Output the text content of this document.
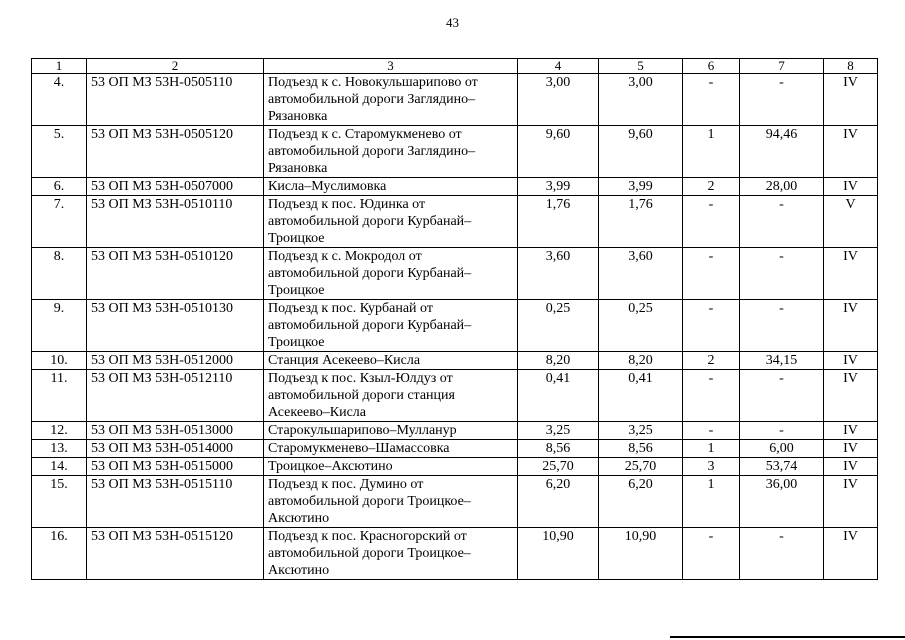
43
1	2	3	4	5	6	7	8
4.	53 ОП МЗ 53Н-0505110	Подъезд к с. Новокульшарипово от автомобильной дороги Заглядино–Рязановка	3,00	3,00	-	-	IV
5.	53 ОП МЗ 53Н-0505120	Подъезд к с. Старомукменево от автомобильной дороги Заглядино–Рязановка	9,60	9,60	1	94,46	IV
6.	53 ОП МЗ 53Н-0507000	Кисла–Муслимовка	3,99	3,99	2	28,00	IV
7.	53 ОП МЗ 53Н-0510110	Подъезд к пос. Юдинка от автомобильной дороги Курбанай–Троицкое	1,76	1,76	-	-	V
8.	53 ОП МЗ 53Н-0510120	Подъезд к с. Мокродол от автомобильной дороги Курбанай–Троицкое	3,60	3,60	-	-	IV
9.	53 ОП МЗ 53Н-0510130	Подъезд к пос. Курбанай от автомобильной дороги Курбанай–Троицкое	0,25	0,25	-	-	IV
10.	53 ОП МЗ 53Н-0512000	Станция Асекеево–Кисла	8,20	8,20	2	34,15	IV
11.	53 ОП МЗ 53Н-0512110	Подъезд к пос. Кзыл-Юлдуз от автомобильной дороги станция Асекеево–Кисла	0,41	0,41	-	-	IV
12.	53 ОП МЗ 53Н-0513000	Старокульшарипово–Мулланур	3,25	3,25	-	-	IV
13.	53 ОП МЗ 53Н-0514000	Старомукменево–Шамассовка	8,56	8,56	1	6,00	IV
14.	53 ОП МЗ 53Н-0515000	Троицкое–Аксютино	25,70	25,70	3	53,74	IV
15.	53 ОП МЗ 53Н-0515110	Подъезд к пос. Думино от автомобильной дороги Троицкое–Аксютино	6,20	6,20	1	36,00	IV
16.	53 ОП МЗ 53Н-0515120	Подъезд к пос. Красногорский от автомобильной дороги Троицкое–Аксютино	10,90	10,90	-	-	IV
